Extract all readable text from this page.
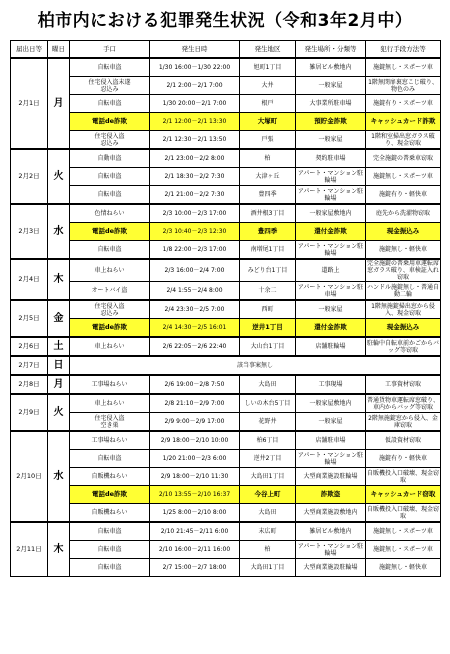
柏市内における犯罪発生状況（令和3年2月中）
届出日等	曜日	手口	発生日時	発生地区	発生場所・分類等	犯行手段方法等
2月1日	月	自転車盗	1/30 16:00－1/30 22:00	旭町1丁目	雑居ビル敷地内	施錠無し・スポーツ車
		住宅侵入盗未遂
忍込み	2/1 2:00－2/1 7:00	大井	一般家屋	1階無閉扉裏窓こじ破り、物色のみ
		自転車盗	1/30 20:00－2/1 7:00	根戸	大事業所駐車場	施錠有り・スポーツ車
		電話de詐欺	2/1 12:00－2/1 13:30	大塚町	預貯金詐欺	キャッシュカード詐欺
		住宅侵入盗
忍込み	2/1 12:30－2/1 13:50	戸張	一般家屋	1階和室掃出窓ガラス破り、現金窃取
2月2日	火	自動車盗	2/1 23:00－2/2 8:00	柏	契約駐車場	完全施錠の普乗車窃取
		自転車盗	2/1 18:30－2/2 7:30	大津ヶ丘	アパート・マンション駐輪場	施錠無し・スポーツ車
		自転車盗	2/1 21:00－2/2 7:30	豊四季	アパート・マンション駐輪場	施錠有り・軽快車
2月3日	水	色情ねらい	2/3 10:00－2/3 17:00	酒井根3丁目	一般家屋敷地内	庭先から洗濯物窃取
		電話de詐欺	2/3 10:40－2/3 12:30	豊四季	還付金詐欺	現金振込み
		自転車盗	1/8 22:00－2/3 17:00	南増尾1丁目	アパート・マンション駐輪場	施錠無し・軽快車
2月4日	木	車上ねらい	2/3 16:00－2/4 7:00	みどり台1丁目	道路上	完全施錠の普乗用車運転席窓ガラス破り、車検証入れ窃取
		オートバイ盗	2/4 1:55－2/4 8:00	十余二	アパート・マンション駐車場	ハンドル施錠無し・普通自動二輪
2月5日	金	住宅侵入盗
忍込み	2/4 23:30－2/5 7:00	西町	一般家屋	1階無施錠掃出窓から侵入、現金窃取
		電話de詐欺	2/4 14:30－2/5 16:01	逆井1丁目	還付金詐欺	現金振込み
2月6日	土	車上ねらい	2/6 22:05－2/6 22:40	大山台1丁目	店舗駐輪場	駐輪中自転車前かごからバッグ等窃取
2月7日	日	該当事案無し				
2月8日	月	工事場ねらい	2/6 19:00－2/8 7:50	大島田	工事現場	工事資材窃取
2月9日	火	車上ねらい	2/8 21:10－2/9 7:00	しいの木台5丁目	一般家屋敷地内	普通貨物車運転席窓破り、車内からバッグ等窃取
		住宅侵入盗
空き巣	2/9 9:00－2/9 17:00	花野井	一般家屋	2階無施錠窓から侵入、金庫窃取
2月10日	水	工事場ねらい	2/9 18:00－2/10 10:00	柏6丁目	店舗駐車場	仮設資材窃取
		自転車盗	1/20 21:00－2/3 6:00	逆井2丁目	アパート・マンション駐輪場	施錠有り・軽快車
		自販機ねらい	2/9 18:00－2/10 11:30	大島田1丁目	大型商業施設駐輪場	自販機投入口破壊、現金窃取
		電話de詐欺	2/10 13:55－2/10 16:37	今谷上町	詐欺盗	キャッシュカード窃取
		自販機ねらい	1/25 8:00－2/10 8:00	大島田	大型商業施設敷地内	自販機投入口破壊、現金窃取
2月11日	木	自転車盗	2/10 21:45－2/11 6:00	末広町	雑居ビル敷地内	施錠無し・スポーツ車
		自転車盗	2/10 16:00－2/11 16:00	柏	アパート・マンション駐輪場	施錠無し・スポーツ車
		自転車盗	2/7 15:00－2/7 18:00	大島田1丁目	大型商業施設駐輪場	施錠無し・軽快車
